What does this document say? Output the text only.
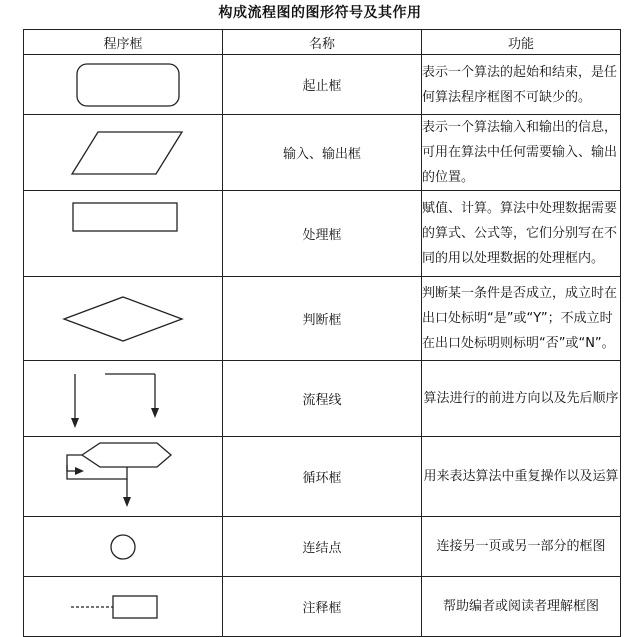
构成流程图的图形符号及其作用
程序框	名称	功能

	起止框	表示一个算法的起始和结束，是任何算法程序框图不可缺少的。

	输入、输出框	表示一个算法输入和输出的信息，可用在算法中任何需要输入、输出的位置。

	处理框	赋值、计算。算法中处理数据需要的算式、公式等，它们分别写在不同的用以处理数据的处理框内。

	判断框	判断某一条件是否成立，成立时在出口处标明“是”或“Y”；不成立时在出口处标明则标明“否”或“N”。

	流程线	算法进行的前进方向以及先后顺序

	循环框	用来表达算法中重复操作以及运算

	连结点	连接另一页或另一部分的框图

	注释框	帮助编者或阅读者理解框图
